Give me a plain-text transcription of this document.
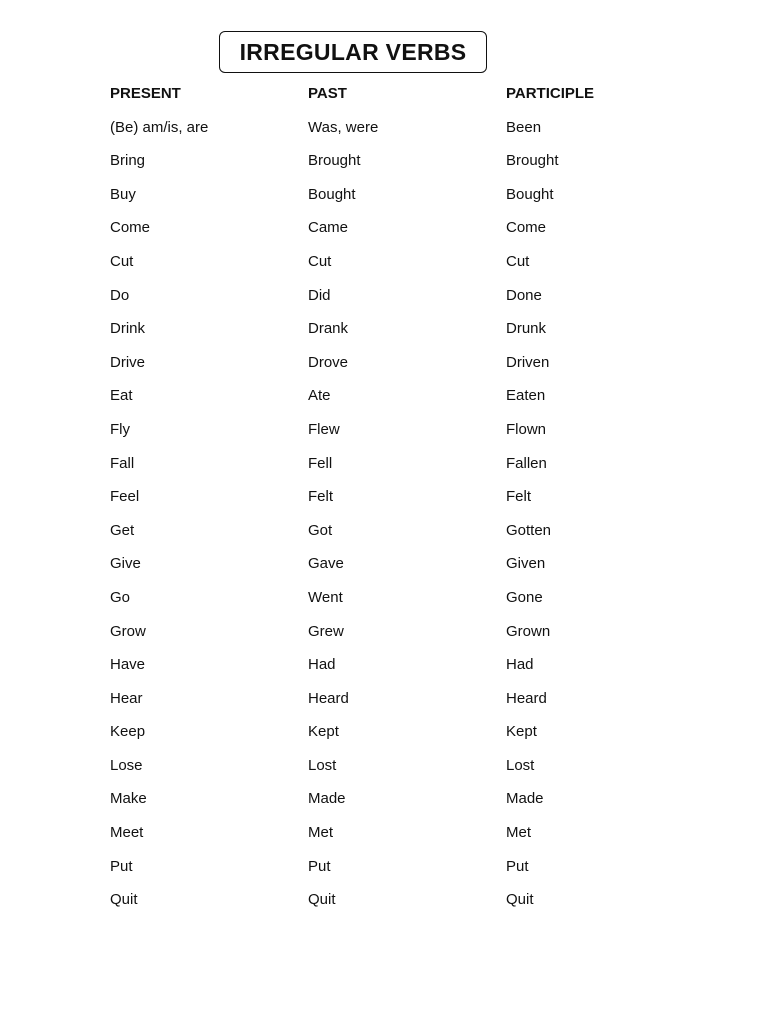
IRREGULAR VERBS
PRESENT	PAST	PARTICIPLE
(Be) am/is, are	Was, were	Been
Bring	Brought	Brought
Buy	Bought	Bought
Come	Came	Come
Cut	Cut	Cut
Do	Did	Done
Drink	Drank	Drunk
Drive	Drove	Driven
Eat	Ate	Eaten
Fly	Flew	Flown
Fall	Fell	Fallen
Feel	Felt	Felt
Get	Got	Gotten
Give	Gave	Given
Go	Went	Gone
Grow	Grew	Grown
Have	Had	Had
Hear	Heard	Heard
Keep	Kept	Kept
Lose	Lost	Lost
Make	Made	Made
Meet	Met	Met
Put	Put	Put
Quit	Quit	Quit
